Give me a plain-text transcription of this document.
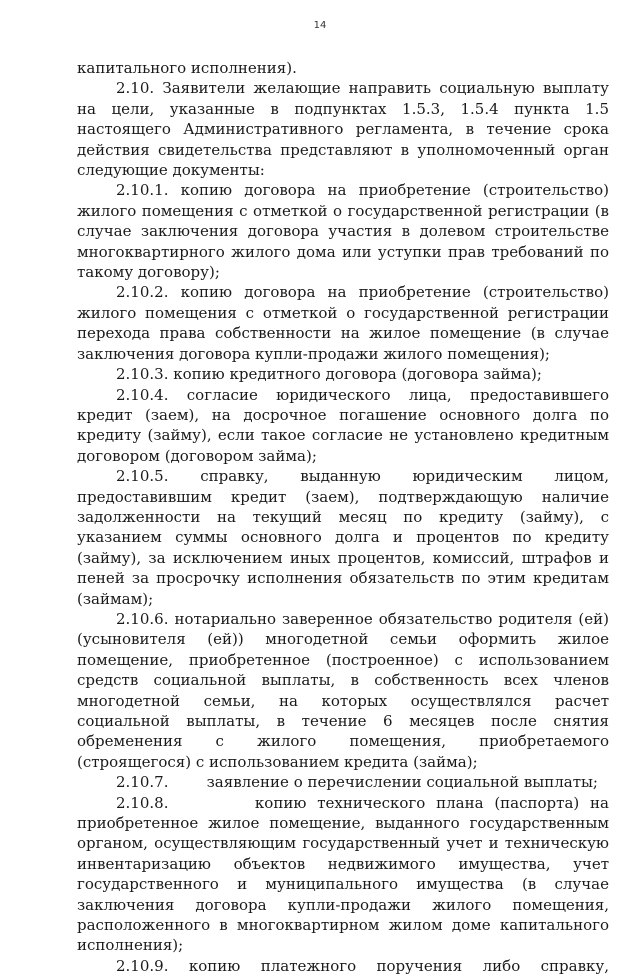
14

капитального исполнения).

2.10. Заявители желающие направить социальную выплату на цели, указанные в подпунктах 1.5.3, 1.5.4 пункта 1.5 настоящего Административного регламента, в течение срока действия свидетельства представляют в уполномоченный орган следующие документы:

2.10.1. копию договора на приобретение (строительство) жилого помещения с отметкой о государственной регистрации (в случае заключения договора участия в долевом строительстве многоквартирного жилого дома или уступки прав требований по такому договору);

2.10.2. копию договора на приобретение (строительство) жилого помещения с отметкой о государственной регистрации перехода права собственности на жилое помещение (в случае заключения договора купли-продажи жилого помещения);

2.10.3. копию кредитного договора (договора займа);

2.10.4. согласие юридического лица, предоставившего кредит (заем), на досрочное погашение основного долга по кредиту (займу), если такое согласие не установлено кредитным договором (договором займа);

2.10.5. справку, выданную юридическим лицом, предоставившим кредит (заем), подтверждающую наличие задолженности на текущий месяц по кредиту (займу), с указанием суммы основного долга и процентов по кредиту (займу), за исключением иных процентов, комиссий, штрафов и пеней за просрочку исполнения обязательств по этим кредитам (займам);

2.10.6. нотариально заверенное обязательство родителя (ей) (усыновителя (ей)) многодетной семьи оформить жилое помещение, приобретенное (построенное) с использованием средств социальной выплаты, в собственность всех членов многодетной семьи, на которых осуществлялся расчет социальной выплаты, в течение 6 месяцев после снятия обременения с жилого помещения, приобретаемого (строящегося) с использованием кредита (займа);

2.10.7.        заявление о перечислении социальной выплаты;

2.10.8.        копию технического плана (паспорта) на приобретенное жилое помещение, выданного государственным органом, осуществляющим государственный учет и техническую инвентаризацию объектов недвижимого имущества, учет государственного и муниципального имущества (в случае заключения договора купли-продажи жилого помещения, расположенного в многоквартирном жилом доме капитального исполнения);

2.10.9. копию платежного поручения либо справку,
